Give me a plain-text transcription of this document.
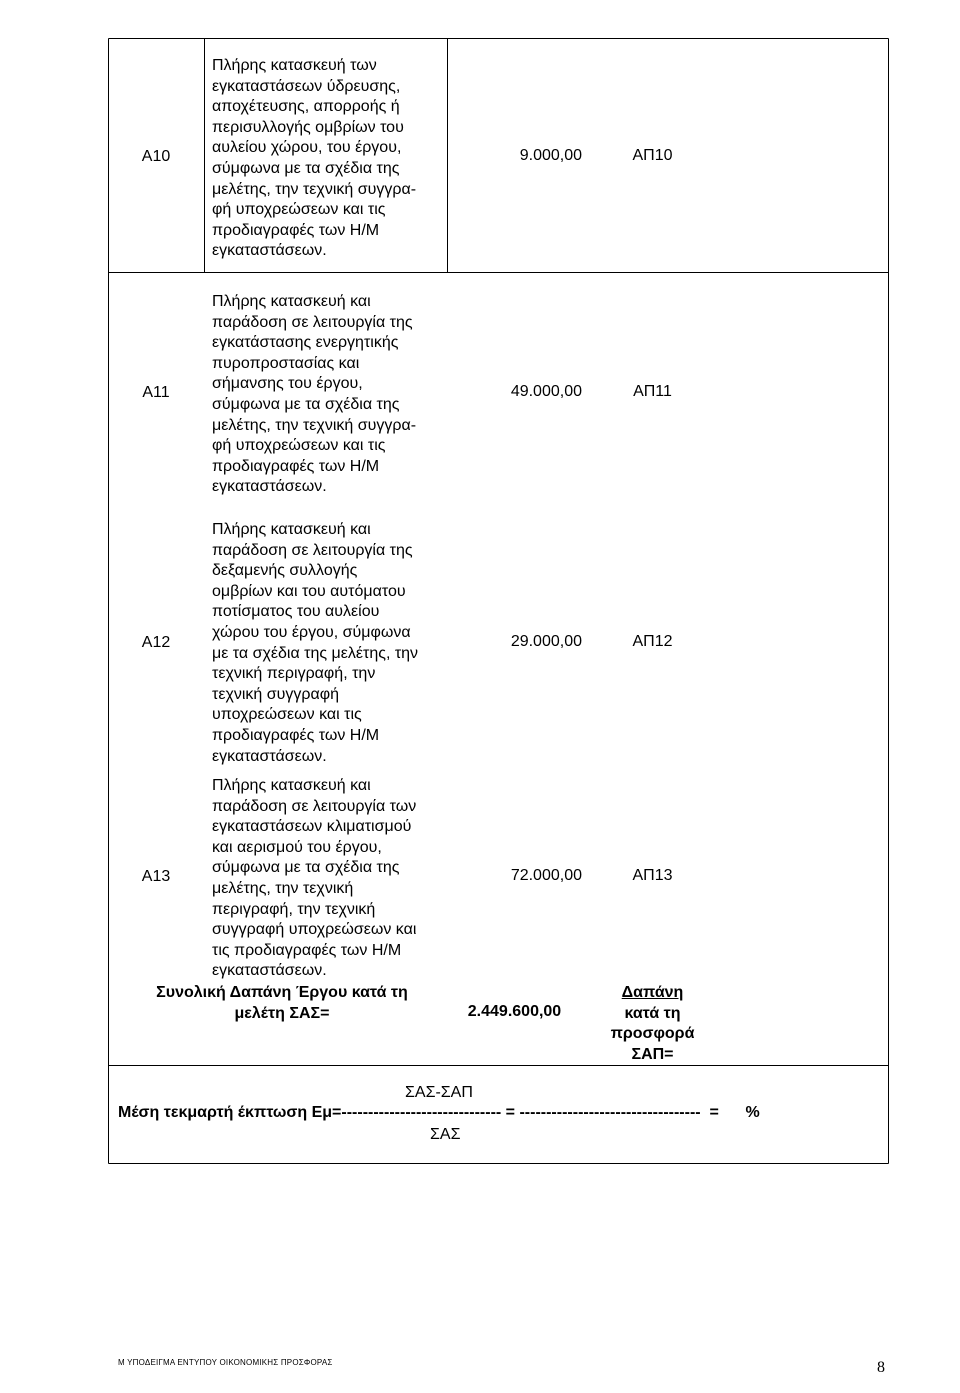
Α10
Πλήρης κατασκευή των
εγκαταστάσεων ύδρευσης,
αποχέτευσης, απορροής ή
περισυλλογής ομβρίων του
αυλείου χώρου, του έργου,
σύμφωνα με τα σχέδια της
μελέτης, την τεχνική συγγρα-
φή υποχρεώσεων και τις
προδιαγραφές των Η/Μ
εγκαταστάσεων.
9.000,00	ΑΠ10
Α11
Πλήρης κατασκευή και
παράδοση σε λειτουργία της
εγκατάστασης ενεργητικής
πυροπροστασίας και
σήμανσης του έργου,
σύμφωνα με τα σχέδια της
μελέτης, την τεχνική συγγρα-
φή υποχρεώσεων και τις
προδιαγραφές των Η/Μ
εγκαταστάσεων.
49.000,00	ΑΠ11
Α12
Πλήρης κατασκευή και
παράδοση σε λειτουργία της
δεξαμενής συλλογής
ομβρίων και του αυτόματου
ποτίσματος του αυλείου
χώρου του έργου, σύμφωνα
με τα σχέδια της μελέτης, την
τεχνική περιγραφή, την
τεχνική συγγραφή
υποχρεώσεων και τις
προδιαγραφές των Η/Μ
εγκαταστάσεων.
29.000,00	ΑΠ12
Α13
Πλήρης κατασκευή και
παράδοση σε λειτουργία των
εγκαταστάσεων κλιματισμού
και αερισμού του έργου,
σύμφωνα με τα σχέδια της
μελέτης, την τεχνική
περιγραφή, την τεχνική
συγγραφή υποχρεώσεων και
τις προδιαγραφές των Η/Μ
εγκαταστάσεων.
72.000,00	ΑΠ13
Συνολική Δαπάνη Έργου κατά τη
μελέτη ΣΑΣ=	2.449.600,00
Δαπάνη
κατά τη
προσφορά
ΣΑΠ=
ΣΑΣ-ΣΑΠ
Μέση τεκμαρτή έκπτωση Εμ=------------------------------ = ----------------------------------  =      %
ΣΑΣ
Μ ΥΠΟΔΕΙΓΜΑ ΕΝΤΥΠΟΥ ΟΙΚΟΝΟΜΙΚΗΣ ΠΡΟΣΦΟΡΑΣ	8
